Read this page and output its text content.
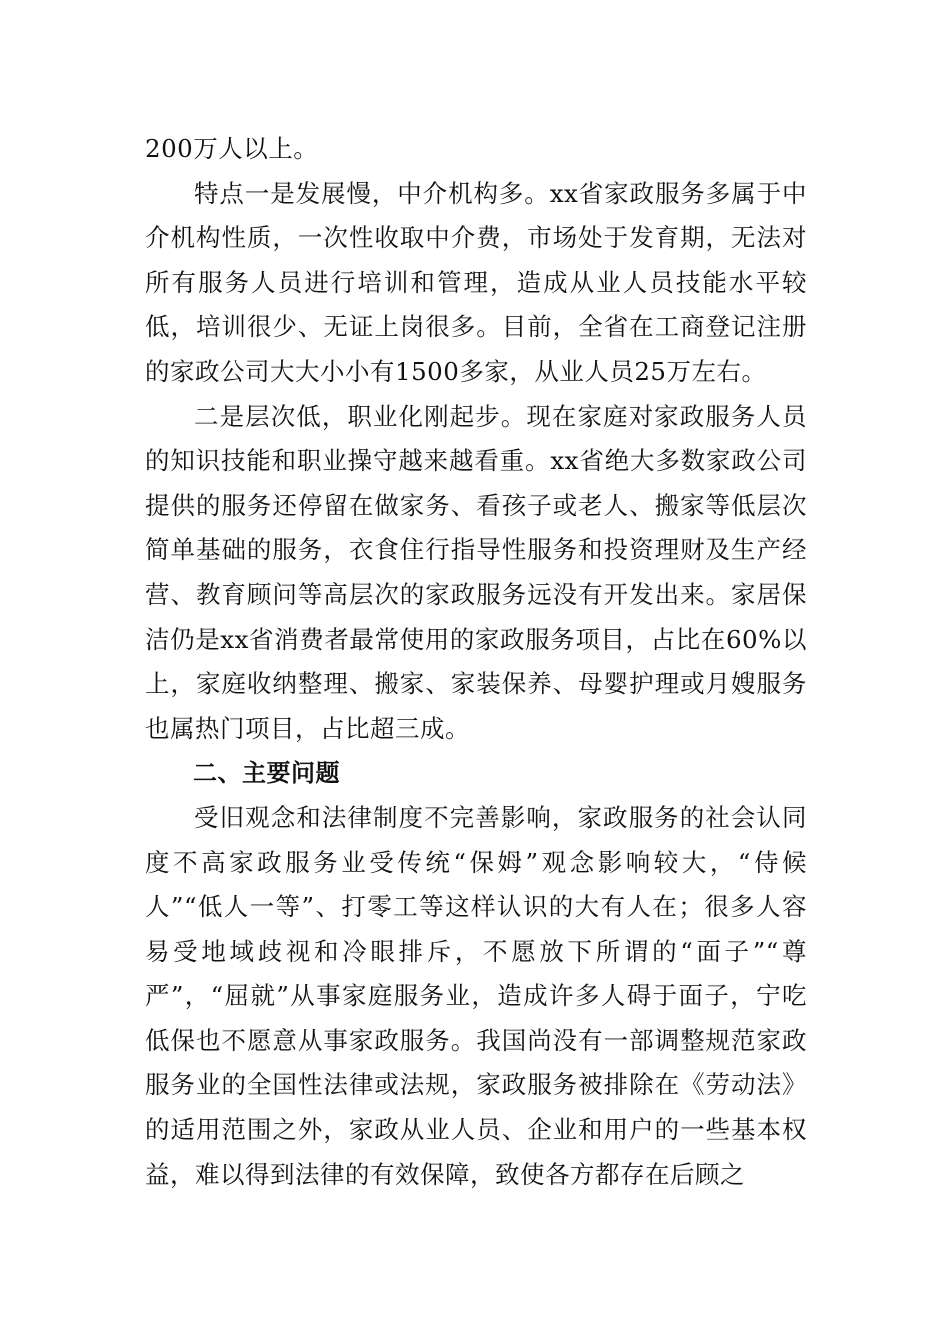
200万人以上。

特点一是发展慢，中介机构多。xx省家政服务多属于中介机构性质，一次性收取中介费，市场处于发育期，无法对所有服务人员进行培训和管理，造成从业人员技能水平较低，培训很少、无证上岗很多。目前，全省在工商登记注册的家政公司大大小小有1500多家，从业人员25万左右。

二是层次低，职业化刚起步。现在家庭对家政服务人员的知识技能和职业操守越来越看重。xx省绝大多数家政公司提供的服务还停留在做家务、看孩子或老人、搬家等低层次简单基础的服务，衣食住行指导性服务和投资理财及生产经营、教育顾问等高层次的家政服务远没有开发出来。家居保洁仍是xx省消费者最常使用的家政服务项目，占比在60%以上，家庭收纳整理、搬家、家装保养、母婴护理或月嫂服务也属热门项目，占比超三成。

二、主要问题

受旧观念和法律制度不完善影响，家政服务的社会认同度不高家政服务业受传统“保姆”观念影响较大，“侍候人”“低人一等”、打零工等这样认识的大有人在；很多人容易受地域歧视和冷眼排斥，不愿放下所谓的“面子”“尊严”，“屈就”从事家庭服务业，造成许多人碍于面子，宁吃低保也不愿意从事家政服务。我国尚没有一部调整规范家政服务业的全国性法律或法规，家政服务被排除在《劳动法》的适用范围之外，家政从业人员、企业和用户的一些基本权益，难以得到法律的有效保障，致使各方都存在后顾之
